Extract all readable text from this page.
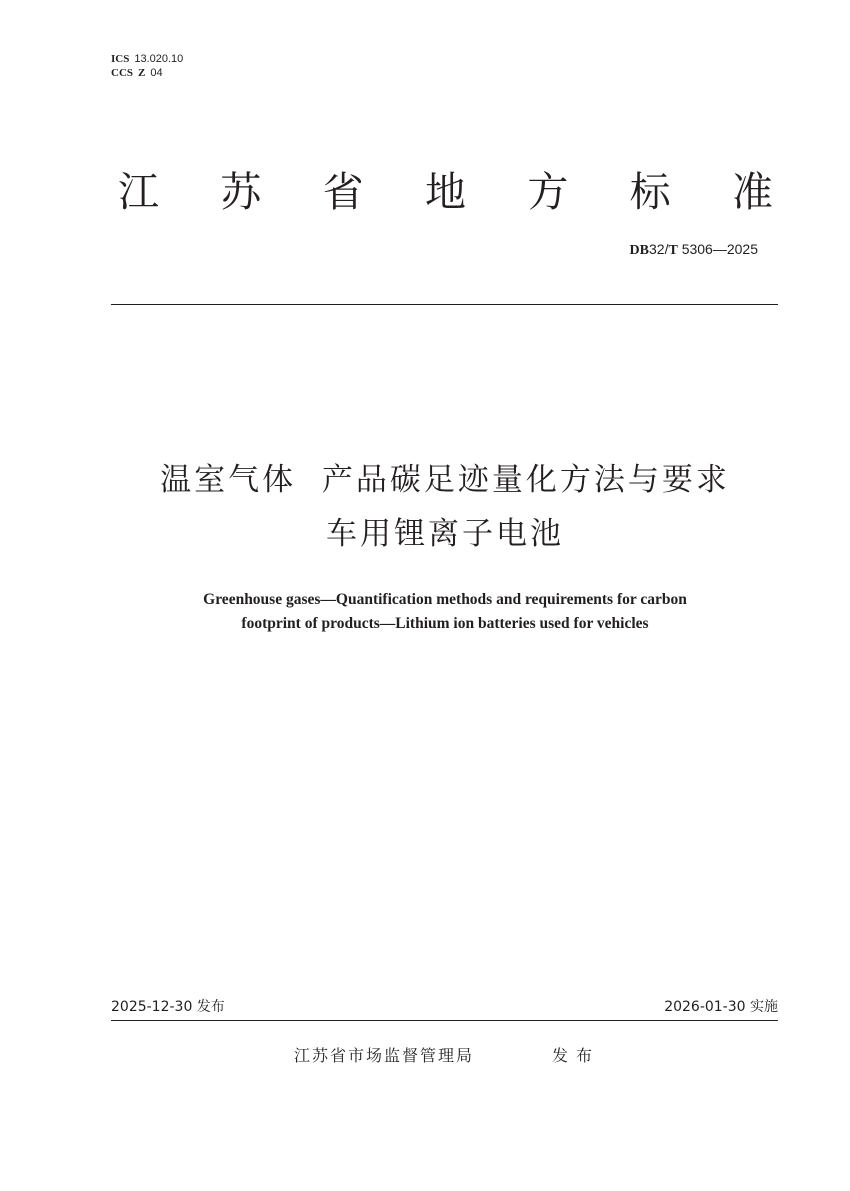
ICS 13.020.10
CCS Z 04
江 苏 省 地 方 标 准
DB32/T 5306—2025
温室气体  产品碳足迹量化方法与要求
车用锂离子电池
Greenhouse gases—Quantification methods and requirements for carbon
footprint of products—Lithium ion batteries used for vehicles
2025-12-30 发布	2026-01-30 实施
江苏省市场监督管理局	发布
